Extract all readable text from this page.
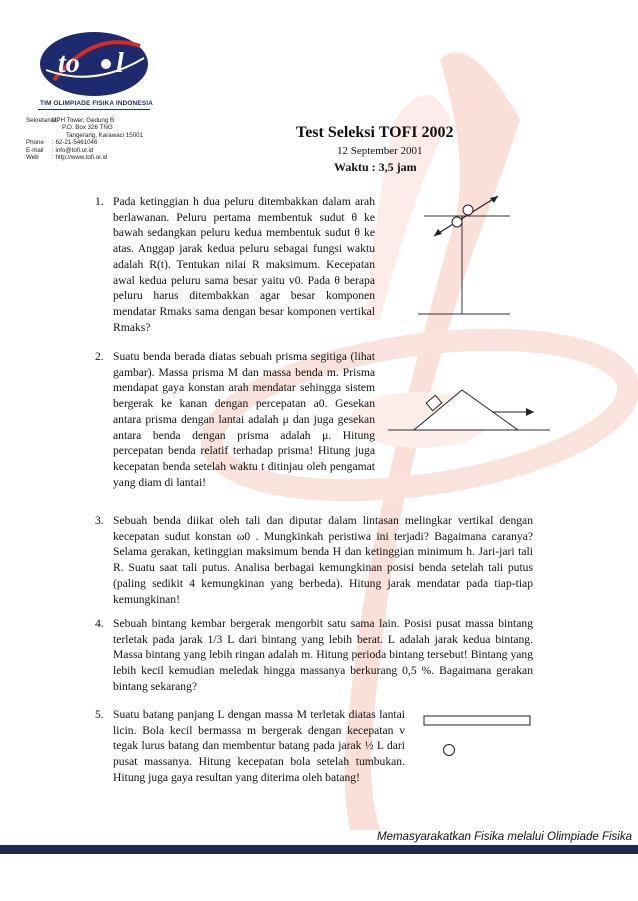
to l
TIM OLIMPIADE FISIKA INDONESIA
Sekretariat:
UPH Tower, Gedung B
P.O. Box 326 TNG
Tangerang, Karawaci 15001
Phone	: 62-21-5461046
E-mail	: info@tofi.or.id
Web	: http://www.tofi.or.id
Test Seleksi TOFI 2002
12 September 2001
Waktu : 3,5 jam
1. Pada ketinggian h dua peluru ditembakkan dalam arah berlawanan. Peluru pertama membentuk sudut θ ke bawah sedangkan peluru kedua membentuk sudut θ ke atas. Anggap jarak kedua peluru sebagai fungsi waktu adalah R(t). Tentukan nilai R maksimum. Kecepatan awal kedua peluru sama besar yaitu v0. Pada θ berapa peluru harus ditembakkan agar besar komponen mendatar Rmaks sama dengan besar komponen vertikal Rmaks?

2. Suatu benda berada diatas sebuah prisma segitiga (lihat gambar). Massa prisma M dan massa benda m. Prisma mendapat gaya konstan arah mendatar sehingga sistem bergerak ke kanan dengan percepatan a0. Gesekan antara prisma dengan lantai adalah μ dan juga gesekan antara benda dengan prisma adalah μ. Hitung percepatan benda relatif terhadap prisma! Hitung juga kecepatan benda setelah waktu t ditinjau oleh pengamat yang diam di lantai!

3. Sebuah benda diikat oleh tali dan diputar dalam lintasan melingkar vertikal dengan kecepatan sudut konstan ω0 . Mungkinkah peristiwa ini terjadi? Bagaimana caranya? Selama gerakan, ketinggian maksimum benda H dan ketinggian minimum h. Jari-jari tali R. Suatu saat tali putus. Analisa berbagai kemungkinan posisi benda setelah tali putus (paling sedikit 4 kemungkinan yang berbeda). Hitung jarak mendatar pada tiap-tiap kemungkinan!

4. Sebuah bintang kembar bergerak mengorbit satu sama lain. Posisi pusat massa bintang terletak pada jarak 1/3 L dari bintang yang lebih berat. L adalah jarak kedua bintang. Massa bintang yang lebih ringan adalah m. Hitung perioda bintang tersebut! Bintang yang lebih kecil kemudian meledak hingga massanya berkurang 0,5 %. Bagaimana gerakan bintang sekarang?

5. Suatu batang panjang L dengan massa M terletak diatas lantai licin. Bola kecil bermassa m bergerak dengan kecepatan v tegak lurus batang dan membentur batang pada jarak ½ L dari pusat massanya. Hitung kecepatan bola setelah tumbukan. Hitung juga gaya resultan yang diterima oleh batang!

Memasyarakatkan Fisika melalui Olimpiade Fisika
